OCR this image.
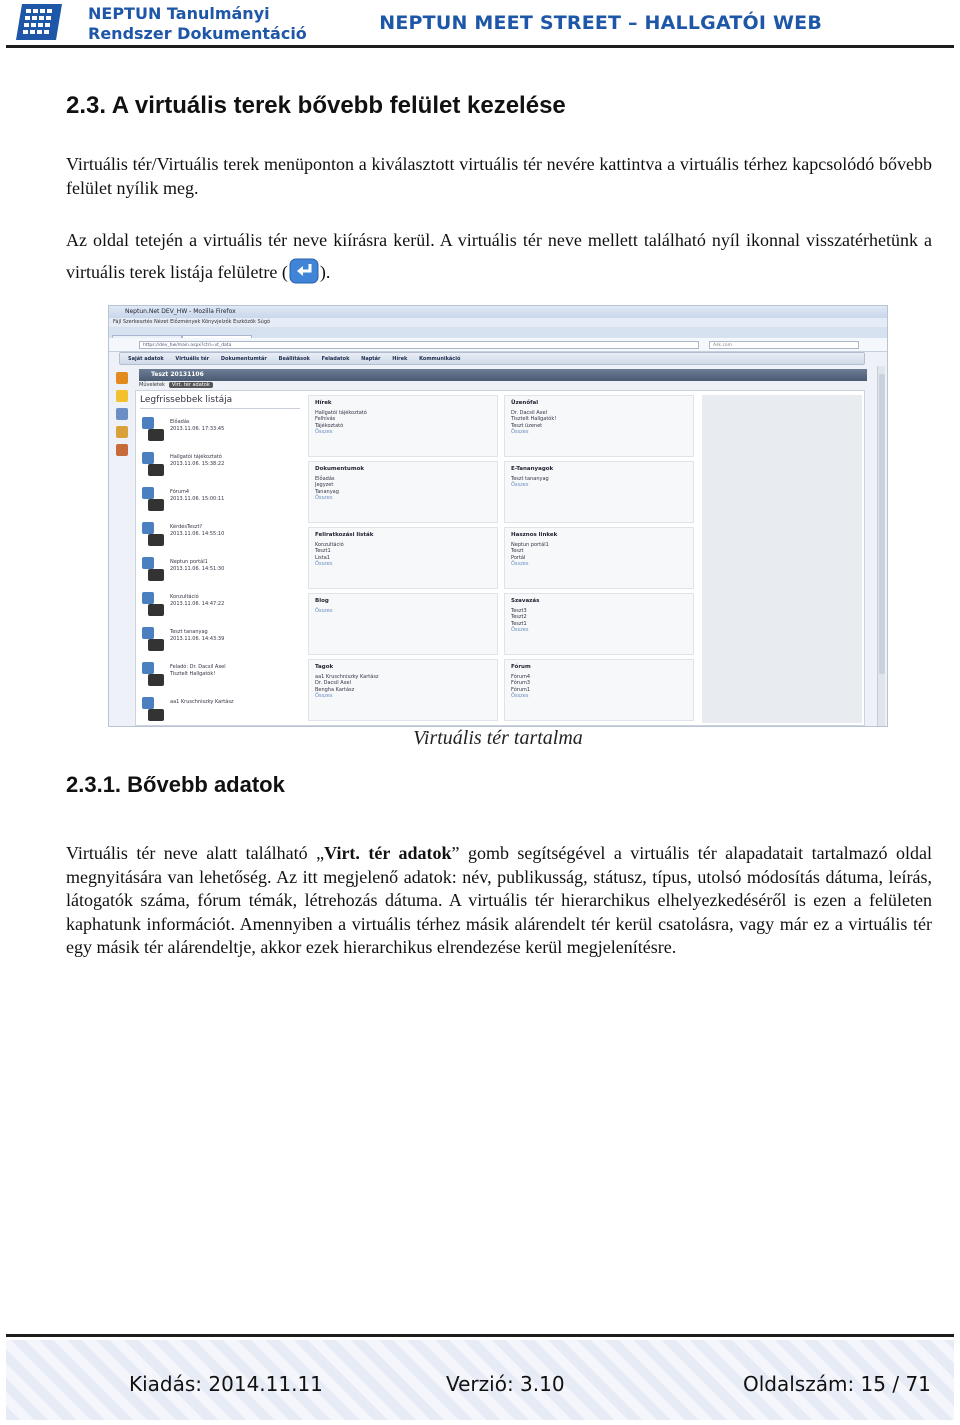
NEPTUN Tanulmányi
Rendszer Dokumentáció	NEPTUN MEET STREET – HALLGATÓI WEB
2.3. A virtuális terek bővebb felület kezelése

Virtuális tér/Virtuális terek menüponton a kiválasztott virtuális tér nevére kattintva a virtuális térhez kapcsolódó bővebb felület nyílik meg.

Az oldal tetején a virtuális tér neve kiírásra kerül. A virtuális tér neve mellett található nyíl ikonnal visszatérhetünk a virtuális terek listája felületre ( ).

Neptun.Net DEV_HW - Mozilla Firefox
Fájl Szerkesztés Nézet Előzmények Könyvjelzők Eszközök Súgó
https://dev_hw/main.aspx?ctrl=vt_data	Ask.com
Saját adatok Virtuális tér Dokumentumtár Beállítások Feladatok Naptár Hírek Kommunikáció
Teszt 20131106
Műveletek Virt. tér adatok
Legfrissebbek listája
Előadás
2013.11.06. 17:33:45
Hallgatói tájékoztató
2013.11.06. 15:38:22
Fórum4
2013.11.06. 15:00:11
KérdésTeszt?
2013.11.06. 14:55:10
Neptun portál1
2013.11.06. 14:51:30
Konzultáció
2013.11.06. 14:47:22
Teszt tananyag
2013.11.06. 14:43:39
Feladó: Dr. Dacsil Axel
Tisztelt Hallgatók!
aa1 Kruschniszky Kartász
Hírek
Hallgatói tájékoztató
Felhívás
Tájékoztató
Összes
Üzenőfal
Dr. Dacsil Axel
Tisztelt Hallgatók!
Teszt üzenet
Összes
Dokumentumok
Előadás
Jegyzet
Tananyag
Összes
E-Tananyagok
Teszt tananyag
Összes
Feliratkozási listák
Konzultáció
Teszt1
Lista1
Összes
Hasznos linkek
Neptun portál1
Teszt
Portál
Összes
Blog
Összes
Szavazás
Teszt3
Teszt2
Teszt1
Összes
Tagok
aa1 Kruschniszky Kartász
Dr. Dacsil Axel
Bengha Kartász
Összes
Fórum
Fórum4
Fórum3
Fórum1
Összes
Virtuális tér tartalma
2.3.1. Bővebb adatok

Virtuális tér neve alatt található „Virt. tér adatok” gomb segítségével a virtuális tér alapadatait tartalmazó oldal megnyitására van lehetőség. Az itt megjelenő adatok: név, publikusság, státusz, típus, utolsó módosítás dátuma, leírás, látogatók száma, fórum témák, létrehozás dátuma. A virtuális tér hierarchikus elhelyezkedéséről is ezen a felületen kaphatunk információt. Amennyiben a virtuális térhez másik alárendelt tér kerül csatolásra, vagy már ez a virtuális tér egy másik tér alárendeltje, akkor ezek hierarchikus elrendezése kerül megjelenítésre.

Kiadás: 2014.11.11	Verzió: 3.10	Oldalszám: 15 / 71
